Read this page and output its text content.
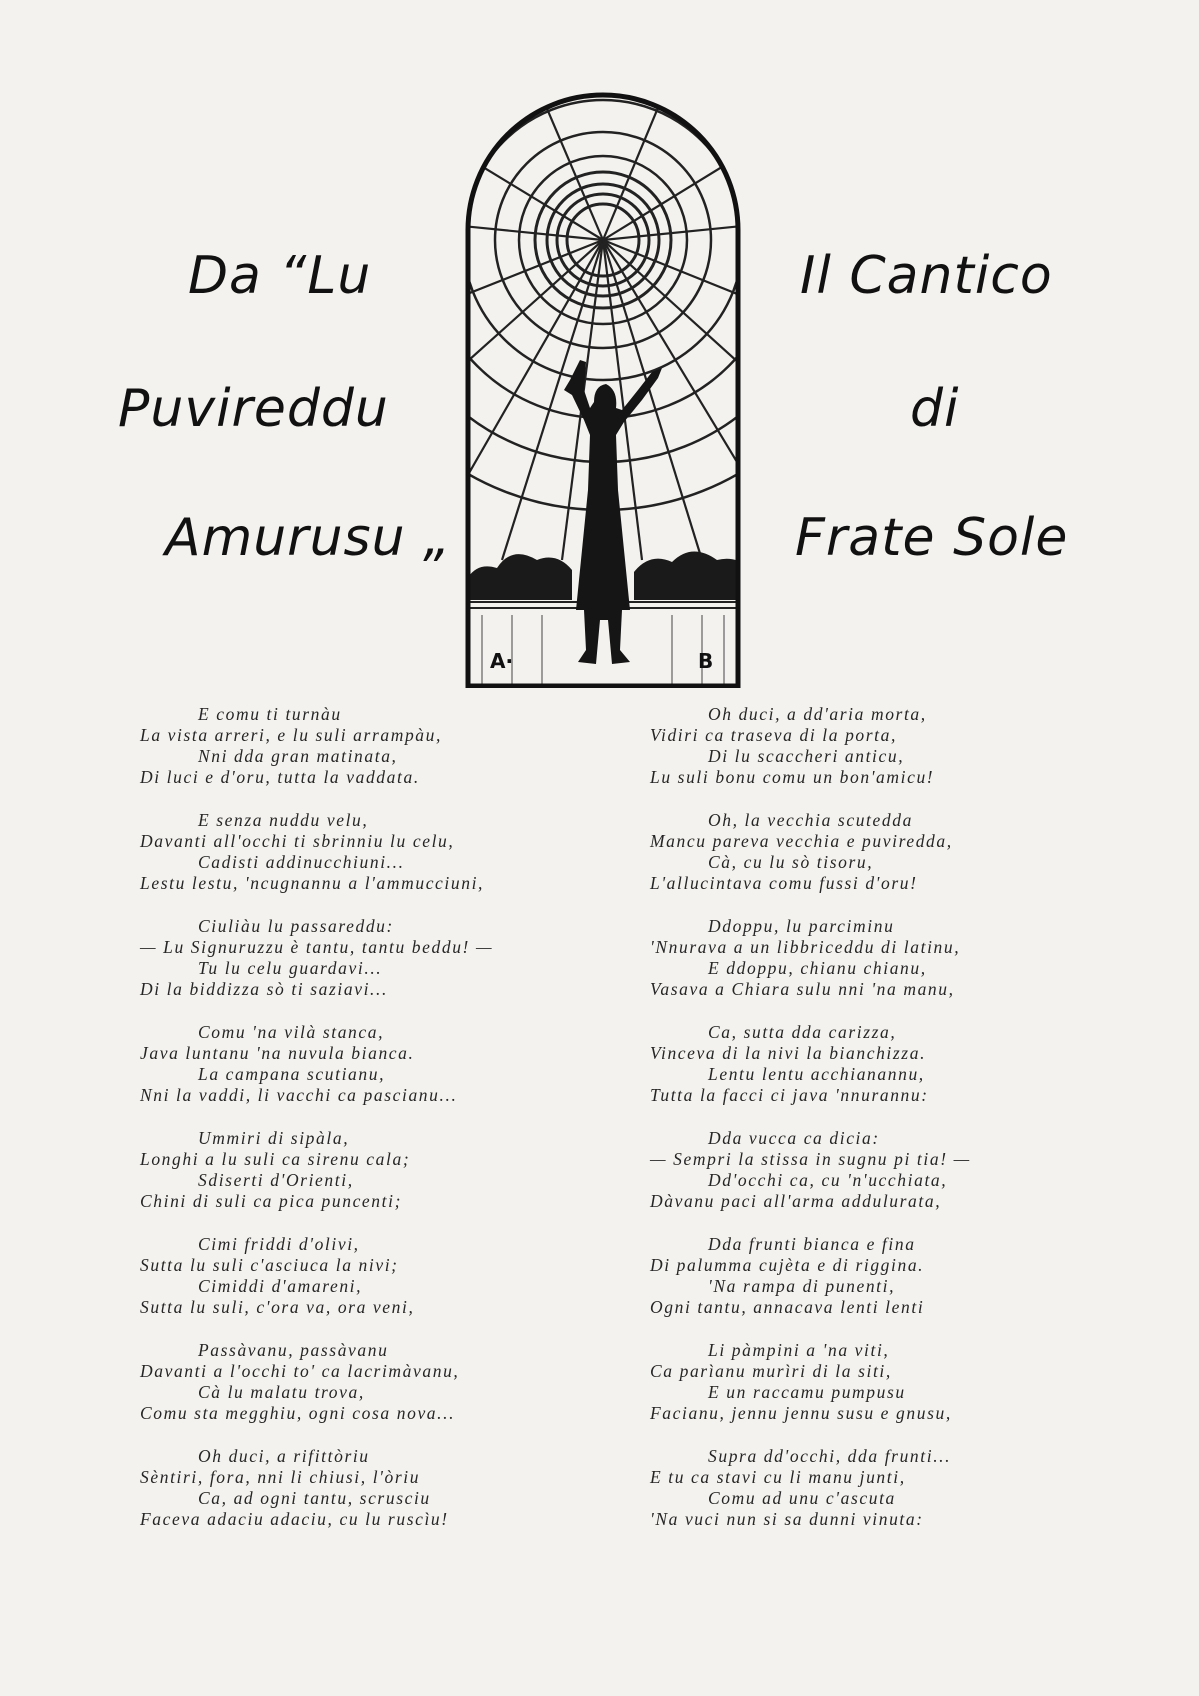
Da “Lu
Puvireddu
Amurusu „
Il Cantico
di
Frate Sole
A·	B
E comu ti turnàu
La vista arreri, e lu suli arrampàu,
Nni dda gran matinata,
Di luci e d'oru, tutta la vaddata.
E senza nuddu velu,
Davanti all'occhi ti sbrinniu lu celu,
Cadisti addinucchiuni...
Lestu lestu, 'ncugnannu a l'ammucciuni,
Ciuliàu lu passareddu:
— Lu Signuruzzu è tantu, tantu beddu! —
Tu lu celu guardavi...
Di la biddizza sò ti saziavi...
Comu 'na vilà stanca,
Java luntanu 'na nuvula bianca.
La campana scutianu,
Nni la vaddi, li vacchi ca pascianu...
Ummiri di sipàla,
Longhi a lu suli ca sirenu cala;
Sdiserti d'Orienti,
Chini di suli ca pica puncenti;
Cimi friddi d'olivi,
Sutta lu suli c'asciuca la nivi;
Cimiddi d'amareni,
Sutta lu suli, c'ora va, ora veni,
Passàvanu, passàvanu
Davanti a l'occhi to' ca lacrimàvanu,
Cà lu malatu trova,
Comu sta megghiu, ogni cosa nova...
Oh duci, a rifittòriu
Sèntiri, fora, nni li chiusi, l'òriu
Ca, ad ogni tantu, scrusciu
Faceva adaciu adaciu, cu lu ruscìu!
Oh duci, a dd'aria morta,
Vidiri ca traseva di la porta,
Di lu scaccheri anticu,
Lu suli bonu comu un bon'amicu!
Oh, la vecchia scutedda
Mancu pareva vecchia e puviredda,
Cà, cu lu sò tisoru,
L'allucintava comu fussi d'oru!
Ddoppu, lu parciminu
'Nnurava a un libbriceddu di latinu,
E ddoppu, chianu chianu,
Vasava a Chiara sulu nni 'na manu,
Ca, sutta dda carizza,
Vinceva di la nivi la bianchizza.
Lentu lentu acchianannu,
Tutta la facci ci java 'nnurannu:
Dda vucca ca dicia:
— Sempri la stissa in sugnu pi tia! —
Dd'occhi ca, cu 'n'ucchiata,
Dàvanu paci all'arma addulurata,
Dda frunti bianca e fina
Di palumma cujèta e di riggina.
'Na rampa di punenti,
Ogni tantu, annacava lenti lenti
Li pàmpini a 'na viti,
Ca parìanu murìri di la siti,
E un raccamu pumpusu
Facianu, jennu jennu susu e gnusu,
Supra dd'occhi, dda frunti...
E tu ca stavi cu li manu junti,
Comu ad unu c'ascuta
'Na vuci nun si sa dunni vinuta:
